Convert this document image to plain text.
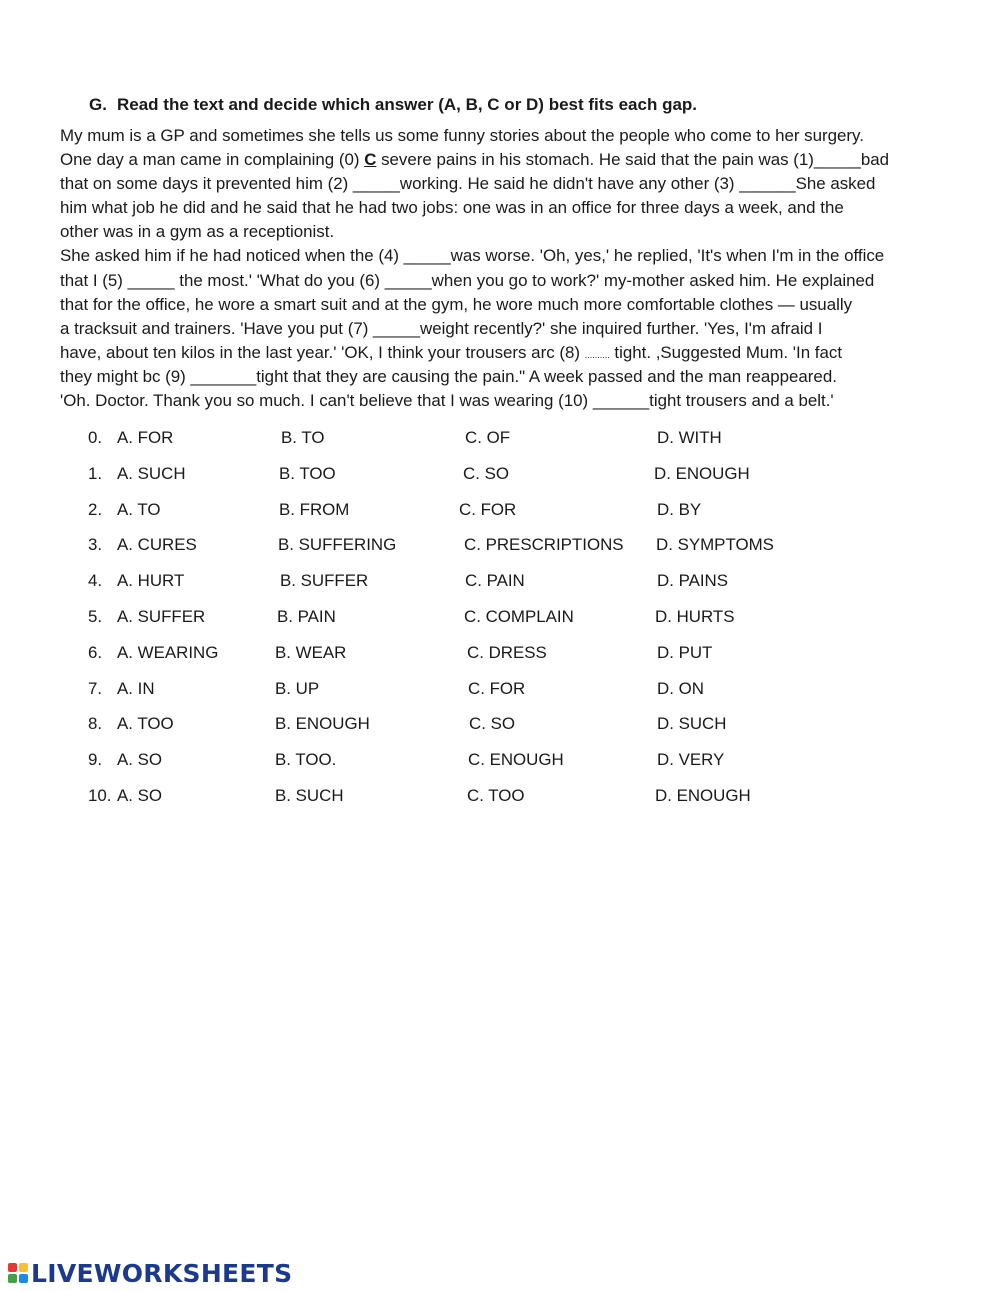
G. Read the text and decide which answer (A, B, C or D) best fits each gap.
My mum is a GP and sometimes she tells us some funny stories about the people who come to her surgery.
One day a man came in complaining (0) C severe pains in his stomach. He said that the pain was (1)_____bad
that on some days it prevented him (2) _____working. He said he didn't have any other (3) ______She asked
him what job he did and he said that he had two jobs: one was in an office for three days a week, and the
other was in a gym as a receptionist.
She asked him if he had noticed when the (4) _____was worse. 'Oh, yes,' he replied, 'It's when I'm in the office
that I (5) _____ the most.' 'What do you (6) _____when you go to work?' my-mother asked him. He explained
that for the office, he wore a smart suit and at the gym, he wore much more comfortable clothes — usually
a tracksuit and trainers. 'Have you put (7) _____weight recently?' she inquired further. 'Yes, I'm afraid I
have, about ten kilos in the last year.' 'OK, I think your trousers arc (8) .......... tight. ,Suggested Mum. 'In fact
they might bc (9) _______tight that they are causing the pain." A week passed and the man reappeared.
'Oh. Doctor. Thank you so much. I can't believe that I was wearing (10) ______tight trousers and a belt.'
0. A. FOR	B. TO	C. OF	D. WITH
1. A. SUCH	B. TOO	C. SO	D. ENOUGH
2. A. TO	B. FROM	C. FOR	D. BY
3. A. CURES	B. SUFFERING	C. PRESCRIPTIONS D. SYMPTOMS
4. A. HURT	B. SUFFER	C. PAIN	D. PAINS
5. A. SUFFER	B. PAIN	C. COMPLAIN	D. HURTS
6. A. WEARING	B. WEAR	C. DRESS	D. PUT
7. A. IN	B. UP	C. FOR	D. ON
8. A. TOO	B. ENOUGH	C. SO	D. SUCH
9. A. SO	B. TOO.	C. ENOUGH	D. VERY
10. A. SO	B. SUCH	C. TOO	D. ENOUGH
LIVEWORKSHEETS
